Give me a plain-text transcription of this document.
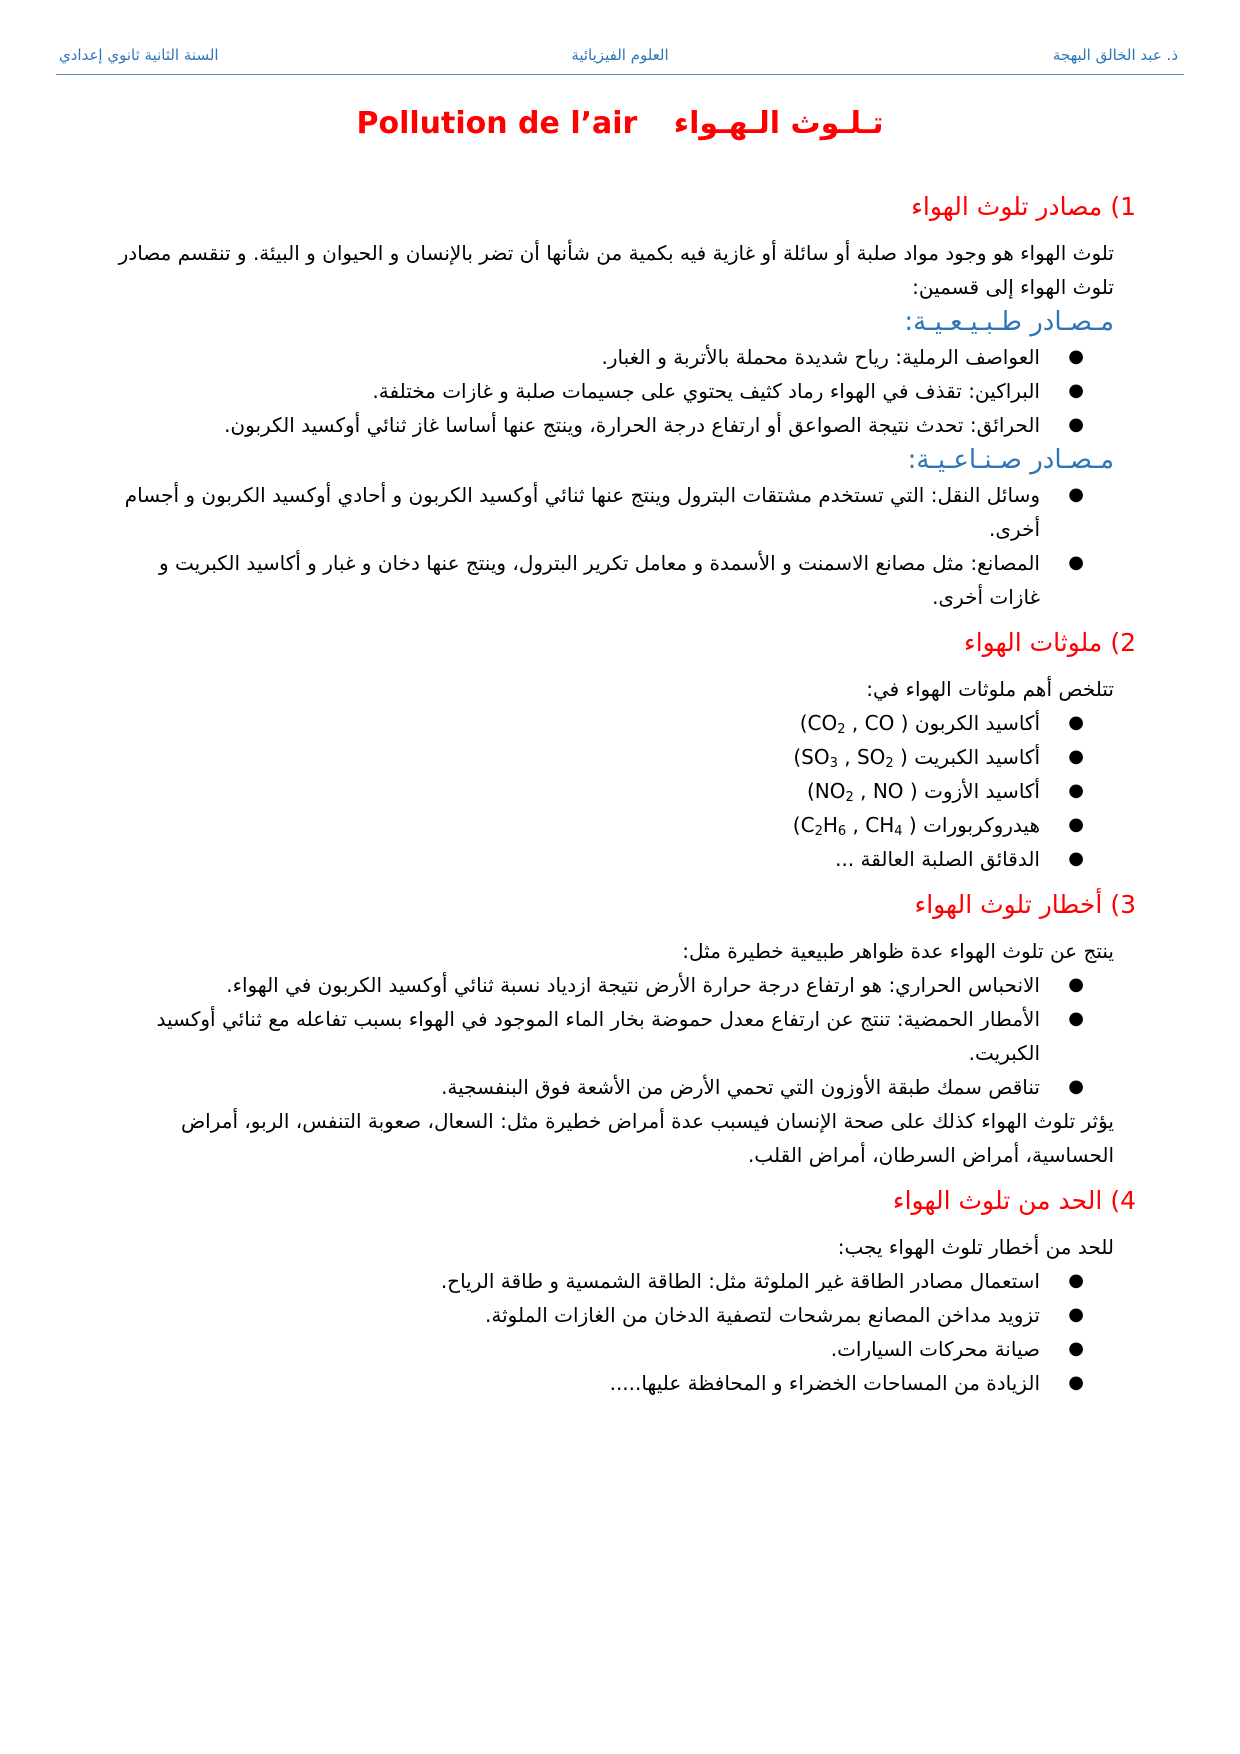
ذ. عبد الخالق البهجة
العلوم الفيزيائية
السنة الثانية ثانوي إعدادي
Pollution de l’air تـلـوث الـهـواء
1)مصادر تلوث الهواء

تلوث الهواء هو وجود مواد صلبة أو سائلة أو غازية فيه بكمية من شأنها أن تضر بالإنسان و الحيوان و البيئة. و تنقسم مصادر تلوث الهواء إلى قسمين:

مـصـادر طـبـيـعـيـة:
●
العواصف الرملية: رياح شديدة محملة بالأتربة و الغبار.
●
البراكين: تقذف في الهواء رماد كثيف يحتوي على جسيمات صلبة و غازات مختلفة.
●
الحرائق: تحدث نتيجة الصواعق أو ارتفاع درجة الحرارة، وينتج عنها أساسا غاز ثنائي أوكسيد الكربون.
مـصـادر صـنـاعـيـة:
●
وسائل النقل: التي تستخدم مشتقات البترول وينتج عنها ثنائي أوكسيد الكربون و أحادي أوكسيد الكربون و أجسام أخرى.
●
المصانع: مثل مصانع الاسمنت و الأسمدة و معامل تكرير البترول، وينتج عنها دخان و غبار و أكاسيد الكبريت و غازات أخرى.
2)ملوثات الهواء

تتلخص أهم ملوثات الهواء في:

●
أكاسيد الكربون ($CO_2$ , CO )
●
أكاسيد الكبريت ($SO_3$ , $SO_2$ )
●
أكاسيد الأزوت ($NO_2$ , NO )
●
هيدروكربورات ($C_2H_6$ , $CH_4$ )
●
الدقائق الصلبة العالقة ...
3)أخطار تلوث الهواء

ينتج عن تلوث الهواء عدة ظواهر طبيعية خطيرة مثل:

●
الانحباس الحراري: هو ارتفاع درجة حرارة الأرض نتيجة ازدياد نسبة ثنائي أوكسيد الكربون في الهواء.
●
الأمطار الحمضية: تنتج عن ارتفاع معدل حموضة بخار الماء الموجود في الهواء بسبب تفاعله مع ثنائي أوكسيد الكبريت.
●
تناقص سمك طبقة الأوزون التي تحمي الأرض من الأشعة فوق البنفسجية.

يؤثر تلوث الهواء كذلك على صحة الإنسان فيسبب عدة أمراض خطيرة مثل: السعال، صعوبة التنفس، الربو، أمراض الحساسية، أمراض السرطان، أمراض القلب.

4)الحد من تلوث الهواء

للحد من أخطار تلوث الهواء يجب:

●
استعمال مصادر الطاقة غير الملوثة مثل: الطاقة الشمسية و طاقة الرياح.
●
تزويد مداخن المصانع بمرشحات لتصفية الدخان من الغازات الملوثة.
●
صيانة محركات السيارات.
●
الزيادة من المساحات الخضراء و المحافظة عليها.....
